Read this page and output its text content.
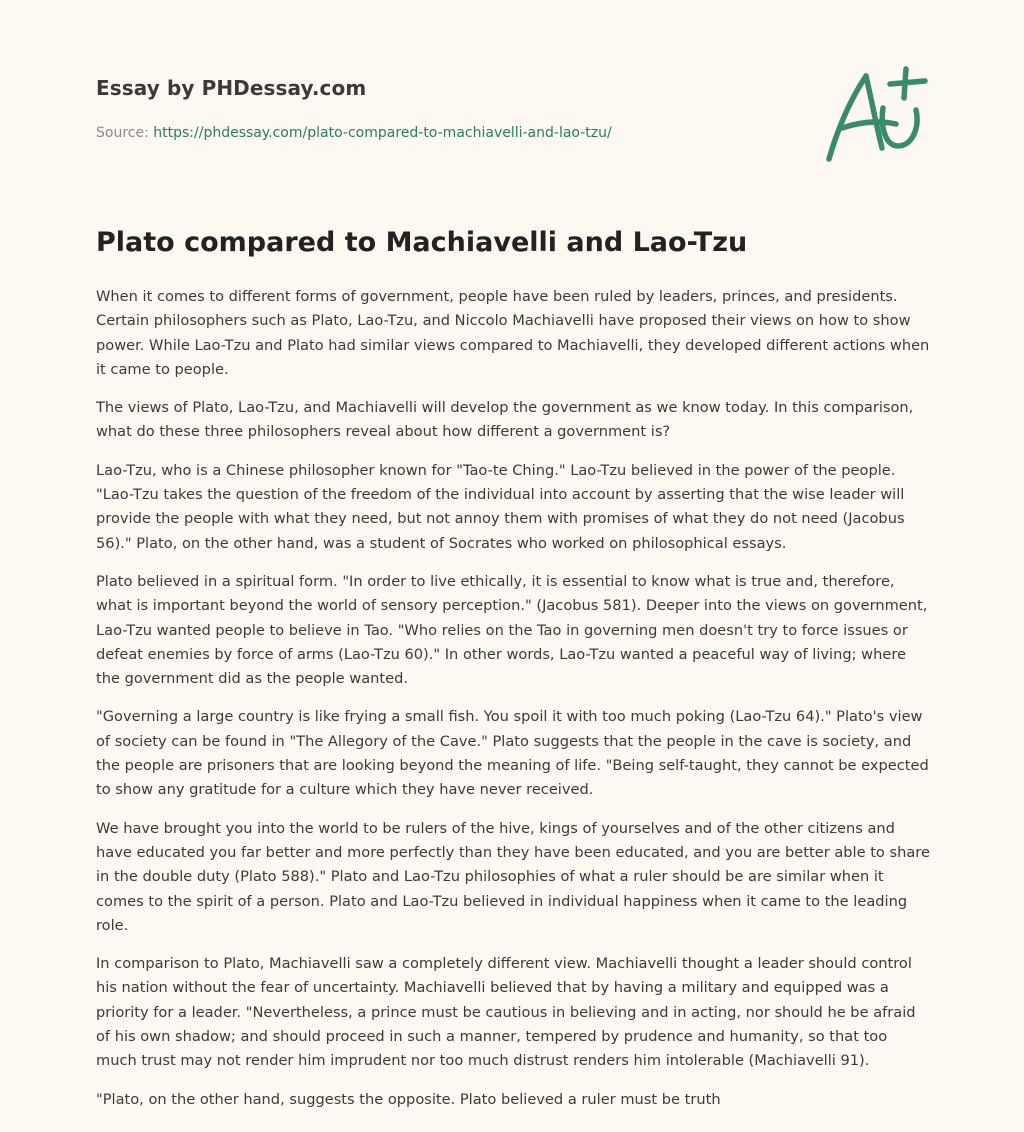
Essay by PHDessay.com
Source: https://phdessay.com/plato-compared-to-machiavelli-and-lao-tzu/
Plato compared to Machiavelli and Lao-Tzu

When it comes to different forms of government, people have been ruled by leaders, princes, and presidents. Certain philosophers such as Plato, Lao-Tzu, and Niccolo Machiavelli have proposed their views on how to show power. While Lao-Tzu and Plato had similar views compared to Machiavelli, they developed different actions when it came to people.

The views of Plato, Lao-Tzu, and Machiavelli will develop the government as we know today. In this comparison, what do these three philosophers reveal about how different a government is?

Lao-Tzu, who is a Chinese philosopher known for "Tao-te Ching." Lao-Tzu believed in the power of the people. "Lao-Tzu takes the question of the freedom of the individual into account by asserting that the wise leader will provide the people with what they need, but not annoy them with promises of what they do not need (Jacobus 56)." Plato, on the other hand, was a student of Socrates who worked on philosophical essays.

Plato believed in a spiritual form. "In order to live ethically, it is essential to know what is true and, therefore, what is important beyond the world of sensory perception." (Jacobus 581). Deeper into the views on government, Lao-Tzu wanted people to believe in Tao. "Who relies on the Tao in governing men doesn't try to force issues or defeat enemies by force of arms (Lao-Tzu 60)." In other words, Lao-Tzu wanted a peaceful way of living; where the government did as the people wanted.

"Governing a large country is like frying a small fish. You spoil it with too much poking (Lao-Tzu 64)." Plato's view of society can be found in "The Allegory of the Cave." Plato suggests that the people in the cave is society, and the people are prisoners that are looking beyond the meaning of life. "Being self-taught, they cannot be expected to show any gratitude for a culture which they have never received.

We have brought you into the world to be rulers of the hive, kings of yourselves and of the other citizens and have educated you far better and more perfectly than they have been educated, and you are better able to share in the double duty (Plato 588)." Plato and Lao-Tzu philosophies of what a ruler should be are similar when it comes to the spirit of a person. Plato and Lao-Tzu believed in individual happiness when it came to the leading role.

In comparison to Plato, Machiavelli saw a completely different view. Machiavelli thought a leader should control his nation without the fear of uncertainty. Machiavelli believed that by having a military and equipped was a priority for a leader. "Nevertheless, a prince must be cautious in believing and in acting, nor should he be afraid of his own shadow; and should proceed in such a manner, tempered by prudence and humanity, so that too much trust may not render him imprudent nor too much distrust renders him intolerable (Machiavelli 91).

"Plato, on the other hand, suggests the opposite. Plato believed a ruler must be truth
